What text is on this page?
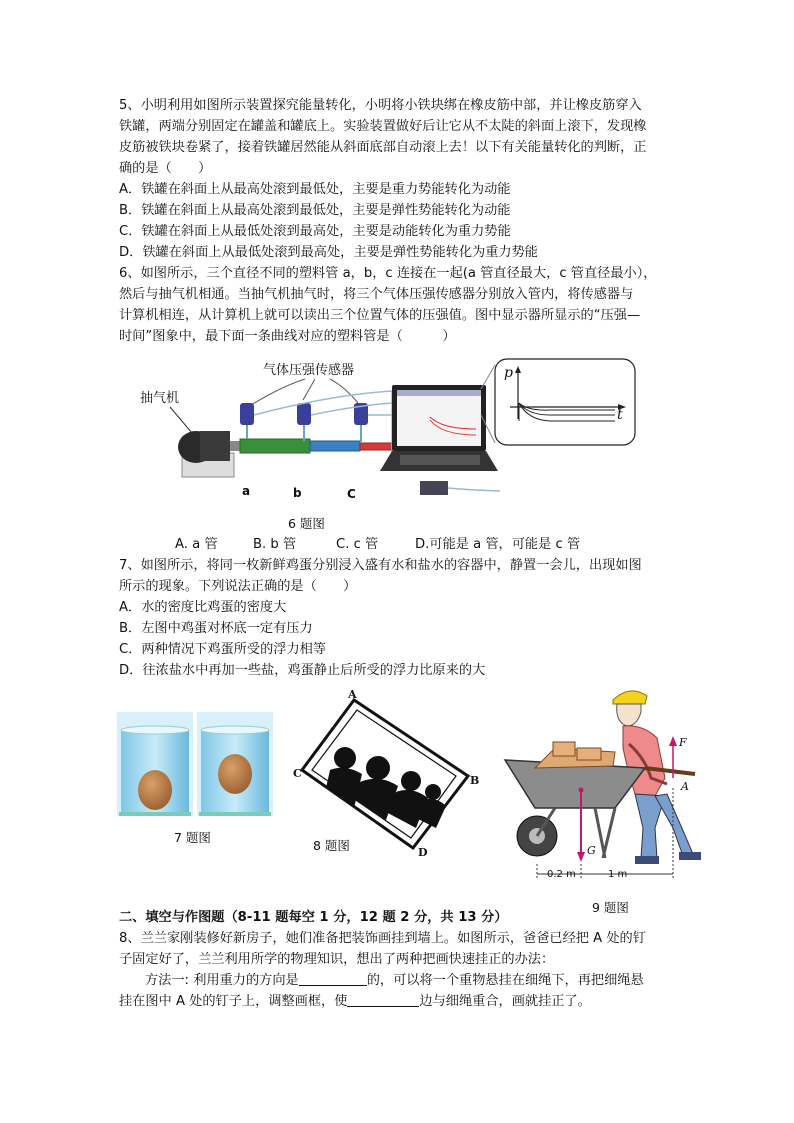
5、小明利用如图所示装置探究能量转化，小明将小铁块绑在橡皮筋中部，并让橡皮筋穿入
铁罐，两端分别固定在罐盖和罐底上。实验装置做好后让它从不太陡的斜面上滚下，发现橡
皮筋被铁块卷紧了，接着铁罐居然能从斜面底部自动滚上去！以下有关能量转化的判断，正
确的是（　　）
A．铁罐在斜面上从最高处滚到最低处，主要是重力势能转化为动能
B．铁罐在斜面上从最高处滚到最低处，主要是弹性势能转化为动能
C．铁罐在斜面上从最低处滚到最高处，主要是动能转化为重力势能
D．铁罐在斜面上从最低处滚到最高处，主要是弹性势能转化为重力势能
6、如图所示，三个直径不同的塑料管 a，b，c 连接在一起(a 管直径最大，c 管直径最小），
然后与抽气机相通。当抽气机抽气时，将三个气体压强传感器分别放入管内，将传感器与
计算机相连，从计算机上就可以读出三个位置气体的压强值。图中显示器所显示的“压强—
时间”图象中，最下面一条曲线对应的塑料管是（　　　）
气体压强传感器
抽气机
a	b	C
p
t
6 题图
A. a 管	B. b 管	C. c 管	D.可能是 a 管，可能是 c 管
7、如图所示，将同一枚新鲜鸡蛋分别浸入盛有水和盐水的容器中，静置一会儿，出现如图
所示的现象。下列说法正确的是（　　）
A．水的密度比鸡蛋的密度大
B．左图中鸡蛋对杯底一定有压力
C．两种情况下鸡蛋所受的浮力相等
D．往浓盐水中再加一些盐，鸡蛋静止后所受的浮力比原来的大
7 题图
A
B
C
D
8 题图	G
F
A
0.2 m	1 m
9 题图
二、填空与作图题（8-11 题每空 1 分，12 题 2 分，共 13 分）
8、兰兰家刚装修好新房子，她们准备把装饰画挂到墙上。如图所示，爸爸已经把 A 处的钉
子固定好了，兰兰利用所学的物理知识，想出了两种把画快速挂正的办法：
方法一: 利用重力的方向是	的，可以将一个重物悬挂在细绳下，再把细绳悬
挂在图中 A 处的钉子上，调整画框，使	边与细绳重合，画就挂正了。
